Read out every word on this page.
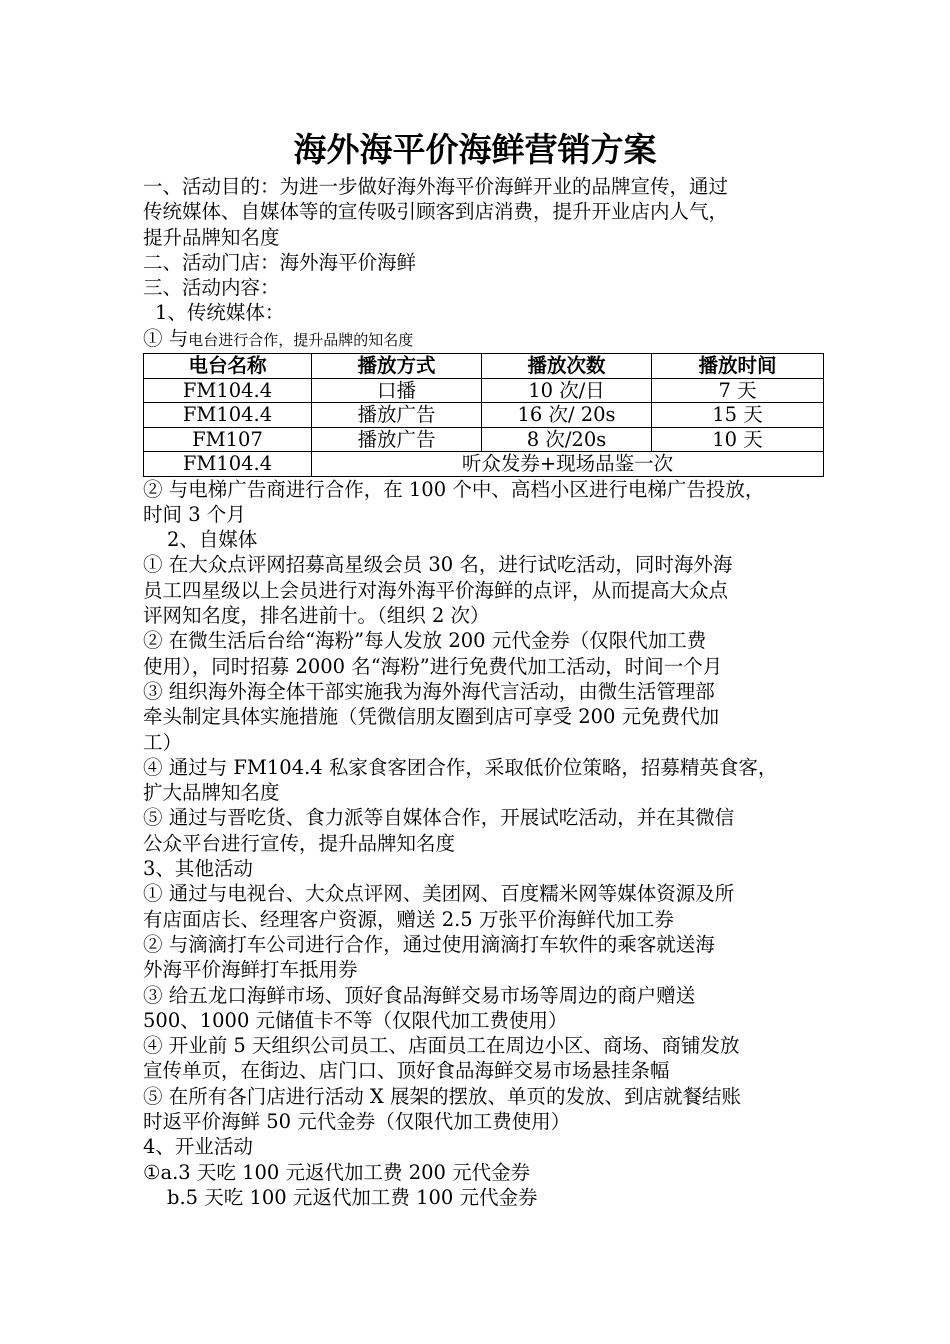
海外海平价海鲜营销方案

一、活动目的：为进一步做好海外海平价海鲜开业的品牌宣传，通过

传统媒体、自媒体等的宣传吸引顾客到店消费，提升开业店内人气，

提升品牌知名度

二、活动门店：海外海平价海鲜

三、活动内容：

1、传统媒体：

① 与电台进行合作，提升品牌的知名度

电台名称	播放方式	播放次数	播放时间
FM104.4	口播	10 次/日	7 天
FM104.4	播放广告	16 次/ 20s	15 天
FM107	播放广告	8 次/20s	10 天
FM104.4	听众发券+现场品鉴一次		

② 与电梯广告商进行合作，在 100 个中、高档小区进行电梯广告投放，

时间 3 个月

2、自媒体

① 在大众点评网招募高星级会员 30 名，进行试吃活动，同时海外海

员工四星级以上会员进行对海外海平价海鲜的点评，从而提高大众点

评网知名度，排名进前十。（组织 2 次）

② 在微生活后台给“海粉”每人发放 200 元代金券（仅限代加工费

使用），同时招募 2000 名“海粉”进行免费代加工活动，时间一个月

③ 组织海外海全体干部实施我为海外海代言活动，由微生活管理部

牵头制定具体实施措施（凭微信朋友圈到店可享受 200 元免费代加

工）

④ 通过与 FM104.4 私家食客团合作，采取低价位策略，招募精英食客，

扩大品牌知名度

⑤ 通过与晋吃货、食力派等自媒体合作，开展试吃活动，并在其微信

公众平台进行宣传，提升品牌知名度

3、其他活动

① 通过与电视台、大众点评网、美团网、百度糯米网等媒体资源及所

有店面店长、经理客户资源，赠送 2.5 万张平价海鲜代加工券

② 与滴滴打车公司进行合作，通过使用滴滴打车软件的乘客就送海

外海平价海鲜打车抵用券

③ 给五龙口海鲜市场、顶好食品海鲜交易市场等周边的商户赠送

500、1000 元储值卡不等（仅限代加工费使用）

④ 开业前 5 天组织公司员工、店面员工在周边小区、商场、商铺发放

宣传单页，在街边、店门口、顶好食品海鲜交易市场悬挂条幅

⑤ 在所有各门店进行活动 X 展架的摆放、单页的发放、到店就餐结账

时返平价海鲜 50 元代金券（仅限代加工费使用）

4、开业活动

①a.3 天吃 100 元返代加工费 200 元代金券

b.5 天吃 100 元返代加工费 100 元代金券
